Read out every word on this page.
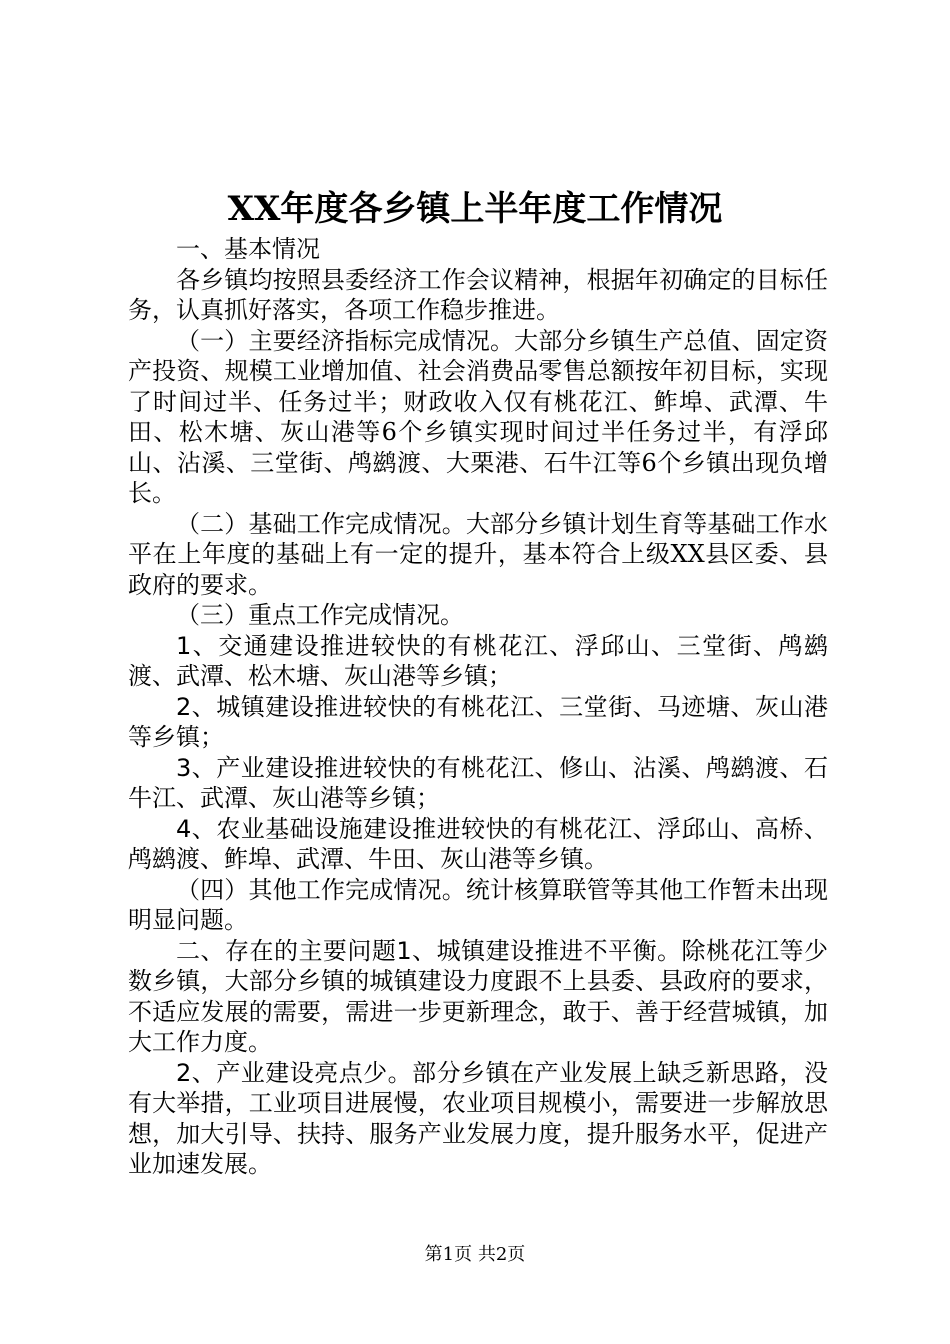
XX年度各乡镇上半年度工作情况

一、基本情况

各乡镇均按照县委经济工作会议精神，根据年初确定的目标任务，认真抓好落实，各项工作稳步推进。

（一）主要经济指标完成情况。大部分乡镇生产总值、固定资产投资、规模工业增加值、社会消费品零售总额按年初目标，实现了时间过半、任务过半；财政收入仅有桃花江、鲊埠、武潭、牛田、松木塘、灰山港等6个乡镇实现时间过半任务过半，有浮邱山、沾溪、三堂街、鸬鹚渡、大栗港、石牛江等6个乡镇出现负增长。

（二）基础工作完成情况。大部分乡镇计划生育等基础工作水平在上年度的基础上有一定的提升，基本符合上级XX县区委、县政府的要求。

（三）重点工作完成情况。

1、交通建设推进较快的有桃花江、浮邱山、三堂街、鸬鹚渡、武潭、松木塘、灰山港等乡镇；

2、城镇建设推进较快的有桃花江、三堂街、马迹塘、灰山港等乡镇；

3、产业建设推进较快的有桃花江、修山、沾溪、鸬鹚渡、石牛江、武潭、灰山港等乡镇；

4、农业基础设施建设推进较快的有桃花江、浮邱山、高桥、鸬鹚渡、鲊埠、武潭、牛田、灰山港等乡镇。

（四）其他工作完成情况。统计核算联管等其他工作暂未出现明显问题。

二、存在的主要问题1、城镇建设推进不平衡。除桃花江等少数乡镇，大部分乡镇的城镇建设力度跟不上县委、县政府的要求，不适应发展的需要，需进一步更新理念，敢于、善于经营城镇，加大工作力度。

2、产业建设亮点少。部分乡镇在产业发展上缺乏新思路，没有大举措，工业项目进展慢，农业项目规模小，需要进一步解放思想，加大引导、扶持、服务产业发展力度，提升服务水平，促进产业加速发展。

第1页 共2页
